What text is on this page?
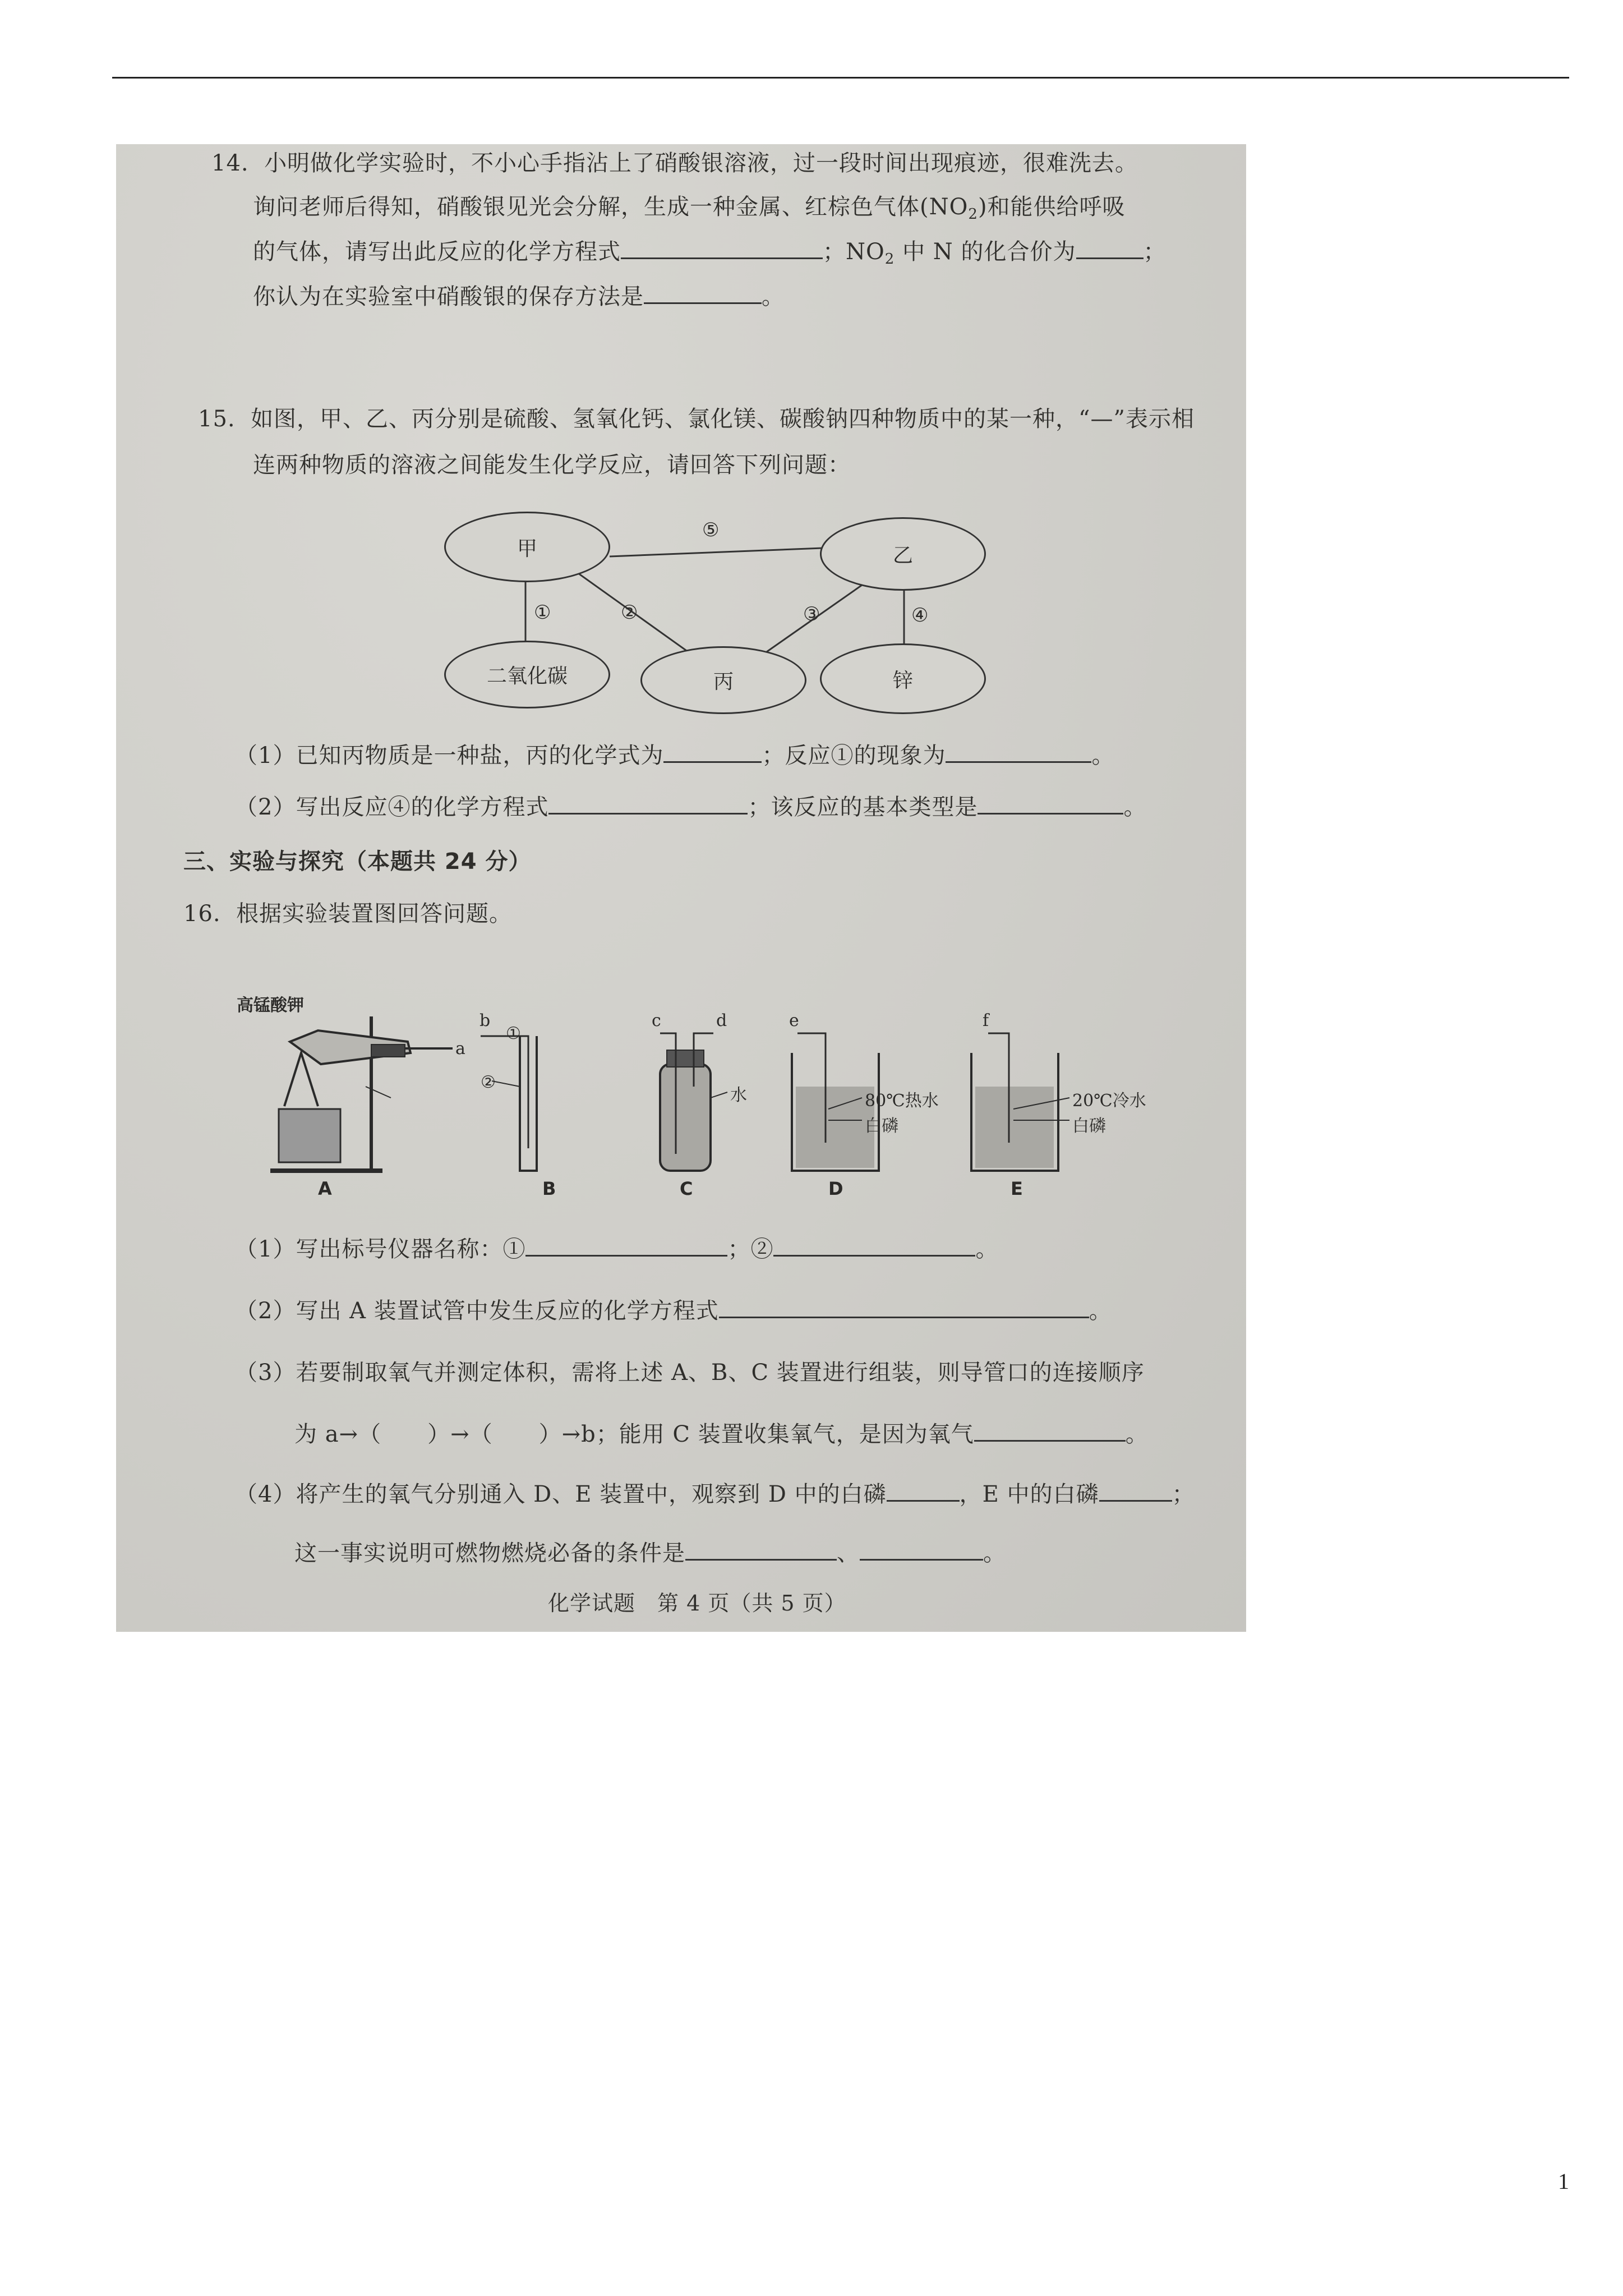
14. 小明做化学实验时，不小心手指沾上了硝酸银溶液，过一段时间出现痕迹，很难洗去。
询问老师后得知，硝酸银见光会分解，生成一种金属、红棕色气体$(NO_2)$和能供给呼吸
的气体，请写出此反应的化学方程式	；$NO_2$ 中 N 的化合价为	；
你认为在实验室中硝酸银的保存方法是	。
15. 如图，甲、乙、丙分别是硫酸、氢氧化钙、氯化镁、碳酸钠四种物质中的某一种，“—”表示相
连两种物质的溶液之间能发生化学反应，请回答下列问题：
甲	乙
二氧化碳	丙	锌
⑤
①	②	③	④
（1）已知丙物质是一种盐，丙的化学式为	；反应①的现象为	。
（2）写出反应④的化学方程式	；该反应的基本类型是	。
三、实验与探究（本题共 24 分）
16. 根据实验装置图回答问题。
高锰酸钾
a
①
b
②
c	d
水
e
80℃热水
白磷
f
20℃冷水
白磷
A	B	C	D	E
（1）写出标号仪器名称：①	；②	。
（2）写出 A 装置试管中发生反应的化学方程式	。
（3）若要制取氧气并测定体积，需将上述 A、B、C 装置进行组装，则导管口的连接顺序
为 a→（　　）→（　　）→b；能用 C 装置收集氧气，是因为氧气	。
（4）将产生的氧气分别通入 D、E 装置中，观察到 D 中的白磷	，E 中的白磷	；
这一事实说明可燃物燃烧必备的条件是	、	。
化学试题　第 4 页（共 5 页）
1
